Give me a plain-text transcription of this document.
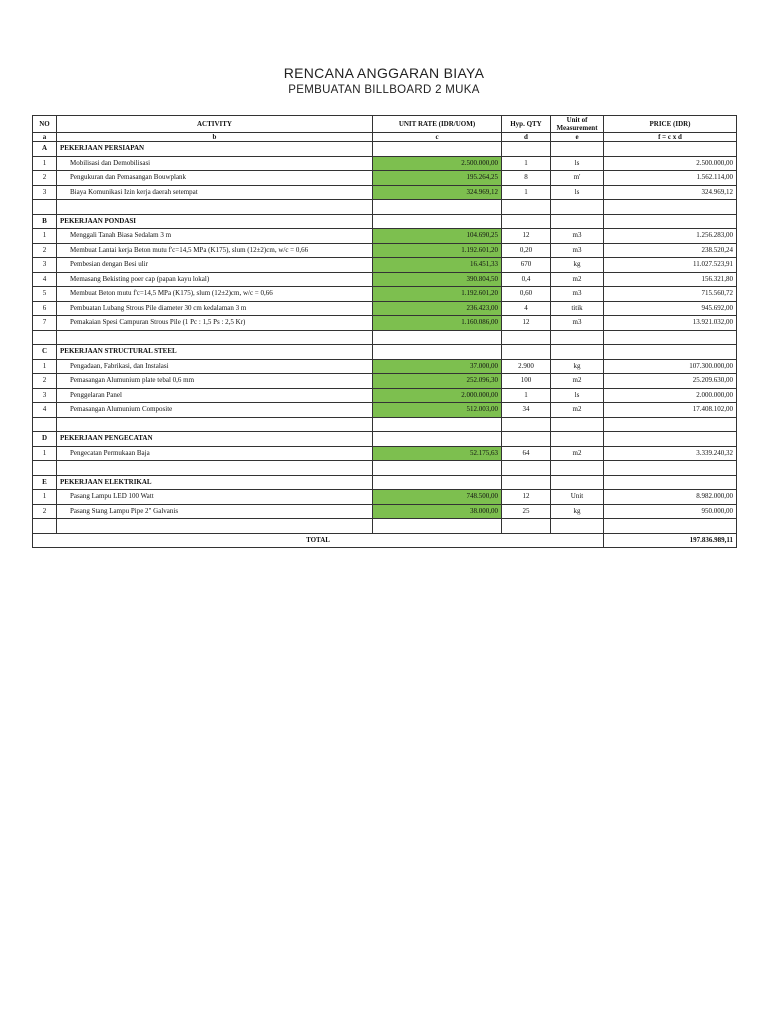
RENCANA ANGGARAN BIAYA
PEMBUATAN BILLBOARD 2 MUKA
NO	ACTIVITY	UNIT RATE (IDR/UOM)	Hyp. QTY	Unit of Measurement	PRICE (IDR)
a	b	c	d	e	f = c x d
A	PEKERJAAN PERSIAPAN				
1	Mobilisasi dan Demobilisasi	2.500.000,00	1	ls	2.500.000,00
2	Pengukuran dan Pemasangan Bouwplank	195.264,25	8	m'	1.562.114,00
3	Biaya Komunikasi Izin kerja daerah setempat	324.969,12	1	ls	324.969,12

B	PEKERJAAN PONDASI				
1	Menggali Tanah Biasa Sedalam 3 m	104.690,25	12	m3	1.256.283,00
2	Membuat Lantai kerja Beton mutu f'c=14,5 MPa (K175), slum (12±2)cm, w/c = 0,66	1.192.601,20	0,20	m3	238.520,24
3	Pembesian dengan Besi ulir	16.451,33	670	kg	11.027.523,91
4	Memasang Bekisting poer cap (papan kayu lokal)	390.804,50	0,4	m2	156.321,80
5	Membuat Beton mutu f'c=14,5 MPa (K175), slum (12±2)cm, w/c = 0,66	1.192.601,20	0,60	m3	715.560,72
6	Pembuatan Lubang Strous Pile diameter 30 cm kedalaman 3 m	236.423,00	4	titik	945.692,00
7	Pemakaian Spesi Campuran Strous Pile (1 Pc : 1,5 Ps : 2,5 Kr)	1.160.086,00	12	m3	13.921.032,00

C	PEKERJAAN STRUCTURAL STEEL				
1	Pengadaan, Fabrikasi, dan Instalasi	37.000,00	2.900	kg	107.300.000,00
2	Pemasangan Alumunium plate tebal 0,6 mm	252.096,30	100	m2	25.209.630,00
3	Penggelaran Panel	2.000.000,00	1	ls	2.000.000,00
4	Pemasangan Alumunium Composite	512.003,00	34	m2	17.408.102,00

D	PEKERJAAN PENGECATAN				
1	Pengecatan Permukaan Baja	52.175,63	64	m2	3.339.240,32

E	PEKERJAAN ELEKTRIKAL				
1	Pasang Lampu LED 100 Watt	748.500,00	12	Unit	8.982.000,00
2	Pasang Stang Lampu Pipe 2" Galvanis	38.000,00	25	kg	950.000,00

TOTAL					197.836.989,11
